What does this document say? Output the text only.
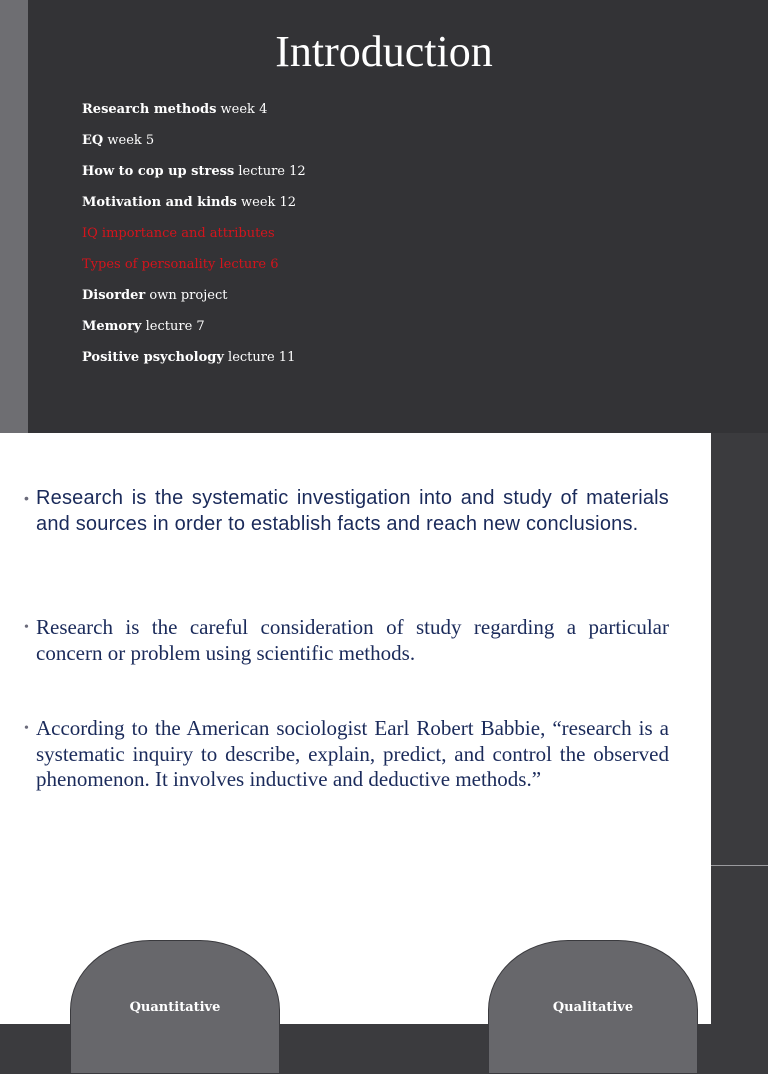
Introduction
Research methods week 4
EQ week 5
How to cop up stress lecture 12
Motivation and kinds week 12
IQ importance and attributes
Types of personality lecture 6
Disorder own project
Memory lecture 7
Positive psychology lecture 11
• Research is the systematic investigation into and study of materials and sources in order to establish facts and reach new conclusions.
• Research is the careful consideration of study regarding a particular concern or problem using scientific methods.
• According to the American sociologist Earl Robert Babbie, “research is a systematic inquiry to describe, explain, predict, and control the observed phenomenon. It involves inductive and deductive methods.”
Quantitative	Qualitative
